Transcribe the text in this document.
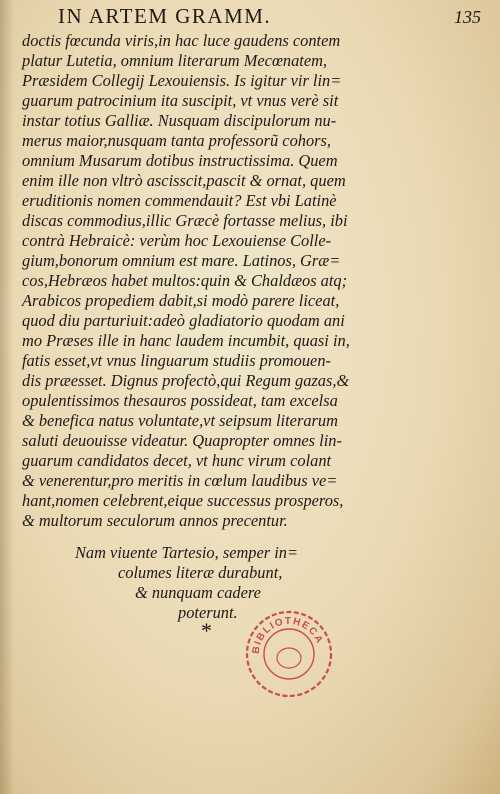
IN ARTEM GRAMM.	135
doctis fœcunda viris,in hac luce gaudens contem
platur Lutetia, omnium literarum Mecœnatem,
Præsidem Collegij Lexouiensis. Is igitur vir lin=
guarum patrocinium ita suscipit, vt vnus verè sit
instar totius Galliæ. Nusquam discipulorum nu-
merus maior,nusquam tanta professorũ cohors,
omnium Musarum dotibus instructissima. Quem
enim ille non vltrò ascisscit,pascit & ornat, quem
eruditionis nomen commendauit? Est vbi Latinè
discas commodius,illic Græcè fortasse melius, ibi
contrà Hebraicè: verùm hoc Lexouiense Colle-
gium,bonorum omnium est mare. Latinos, Græ=
cos,Hebræos habet multos:quin & Chaldæos atq;
Arabicos propediem dabit,si modò parere liceat,
quod diu parturiuit:adeò gladiatorio quodam ani
mo Præses ille in hanc laudem incumbit, quasi in,
fatis esset,vt vnus linguarum studiis promouen-
dis præesset. Dignus profectò,qui Regum gazas,&
opulentissimos thesauros possideat, tam excelsa
& benefica natus voluntate,vt seipsum literarum
saluti deuouisse videatur. Quapropter omnes lin-
guarum candidatos decet, vt hunc virum colant
& venerentur,pro meritis in cœlum laudibus ve=
hant,nomen celebrent,eique successus prosperos,
& multorum seculorum annos precentur.
Nam viuente Tartesio, semper in=
columes literæ durabunt,
& nunquam cadere
poterunt.
*
BIBLIOTHECA
